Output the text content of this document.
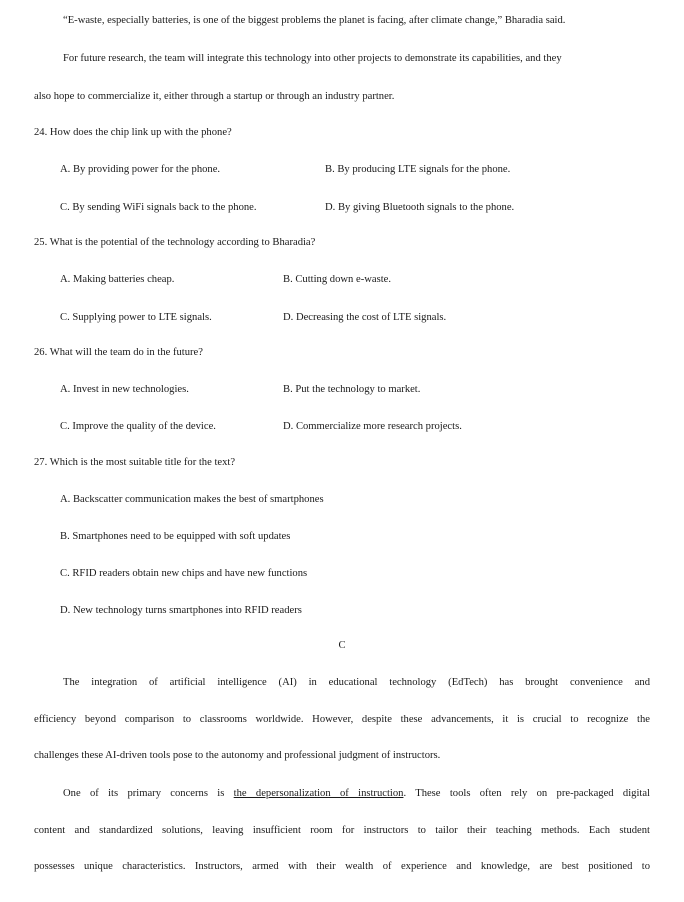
“E-waste, especially batteries, is one of the biggest problems the planet is facing, after climate change,” Bharadia said.
For future research, the team will integrate this technology into other projects to demonstrate its capabilities, and they
also hope to commercialize it, either through a startup or through an industry partner.
24. How does the chip link up with the phone?
A. By providing power for the phone.	B. By producing LTE signals for the phone.
C. By sending WiFi signals back to the phone.	D. By giving Bluetooth signals to the phone.
25. What is the potential of the technology according to Bharadia?
A. Making batteries cheap.	B. Cutting down e-waste.
C. Supplying power to LTE signals.	D. Decreasing the cost of LTE signals.
26. What will the team do in the future?
A. Invest in new technologies.	B. Put the technology to market.
C. Improve the quality of the device.	D. Commercialize more research projects.
27. Which is the most suitable title for the text?
A. Backscatter communication makes the best of smartphones
B. Smartphones need to be equipped with soft updates
C. RFID readers obtain new chips and have new functions
D. New technology turns smartphones into RFID readers
C
The integration of artificial intelligence (AI) in educational technology (EdTech) has brought convenience and
efficiency beyond comparison to classrooms worldwide. However, despite these advancements, it is crucial to recognize the
challenges these AI-driven tools pose to the autonomy and professional judgment of instructors.
One of its primary concerns is the depersonalization of instruction. These tools often rely on pre-packaged digital
content and standardized solutions, leaving insufficient room for instructors to tailor their teaching methods. Each student
possesses unique characteristics. Instructors, armed with their wealth of experience and knowledge, are best positioned to
